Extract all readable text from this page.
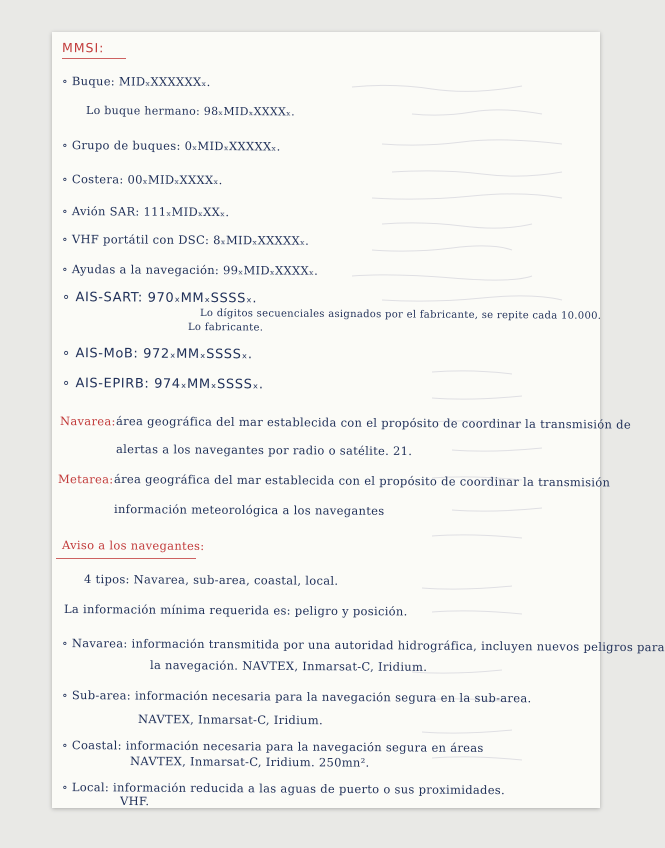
MMSI:
∘ Buque: MIDₓXXXXXXₓ.
Lo buque hermano: 98ₓMIDₓXXXXₓ.
∘ Grupo de buques: 0ₓMIDₓXXXXXₓ.
∘ Costera: 00ₓMIDₓXXXXₓ.
∘ Avión SAR: 111ₓMIDₓXXₓ.
∘ VHF portátil con DSC: 8ₓMIDₓXXXXXₓ.
∘ Ayudas a la navegación: 99ₓMIDₓXXXXₓ.
∘ AIS-SART: 970ₓMMₓSSSSₓ.
Lo dígitos secuenciales asignados por el fabricante, se repite cada 10.000.
Lo fabricante.
∘ AIS-MoB: 972ₓMMₓSSSSₓ.
∘ AIS-EPIRB: 974ₓMMₓSSSSₓ.
Navarea: área geográfica del mar establecida con el propósito de coordinar la transmisión de
alertas a los navegantes por radio o satélite. 21.
Metarea: área geográfica del mar establecida con el propósito de coordinar la transmisión
información meteorológica a los navegantes
Aviso a los navegantes:
4 tipos: Navarea, sub-area, coastal, local.
La información mínima requerida es: peligro y posición.
∘ Navarea: información transmitida por una autoridad hidrográfica, incluyen nuevos peligros para
la navegación. NAVTEX, Inmarsat-C, Iridium.
∘ Sub-area: información necesaria para la navegación segura en la sub-area.
NAVTEX, Inmarsat-C, Iridium.
∘ Coastal: información necesaria para la navegación segura en áreas
NAVTEX, Inmarsat-C, Iridium. 250mn².
∘ Local: información reducida a las aguas de puerto o sus proximidades.
VHF.
